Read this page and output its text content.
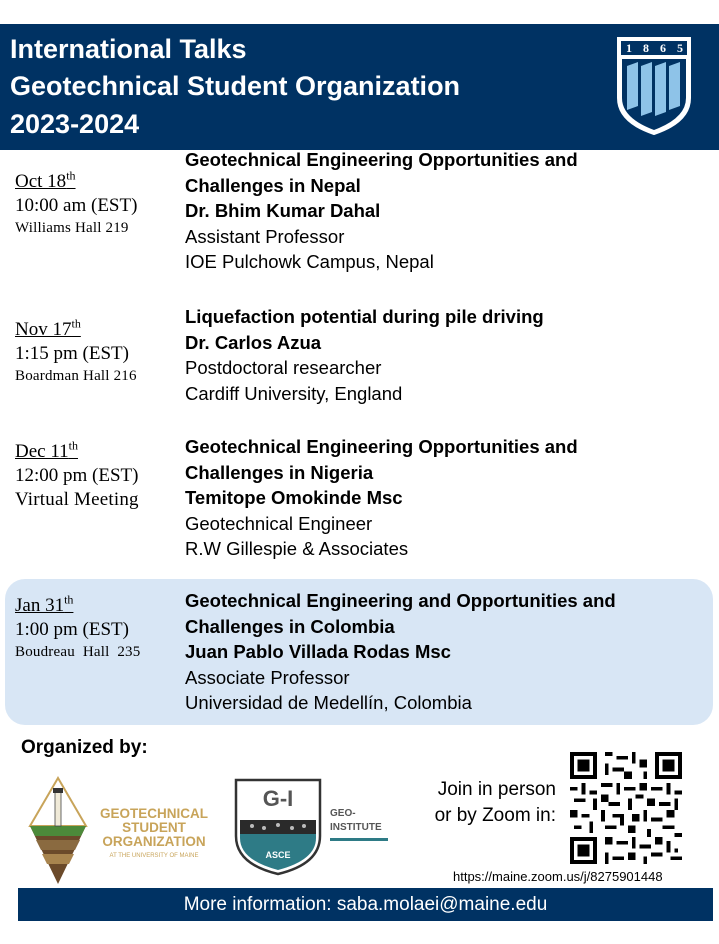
International Talks
Geotechnical Student Organization
2023-2024
1 8 6 5
Oct 18th
10:00 am (EST)
Williams Hall 219
Geotechnical Engineering Opportunities and
Challenges in Nepal
Dr. Bhim Kumar Dahal
Assistant Professor
IOE Pulchowk Campus, Nepal
Nov 17th
1:15 pm (EST)
Boardman Hall 216
Liquefaction potential during pile driving
Dr. Carlos Azua
Postdoctoral researcher
Cardiff University, England
Dec 11th
12:00 pm (EST)
Virtual Meeting
Geotechnical Engineering Opportunities and
Challenges in Nigeria
Temitope Omokinde Msc
Geotechnical Engineer
R.W Gillespie & Associates
Jan 31th
1:00 pm (EST)
Boudreau  Hall  235
Geotechnical Engineering and Opportunities and
Challenges in Colombia
Juan Pablo Villada Rodas Msc
Associate Professor
Universidad de Medellín, Colombia
Organized by:
GEOTECHNICAL
STUDENT
ORGANIZATION
AT THE UNIVERSITY OF MAINE
G-I
ASCE
GEO-
INSTITUTE
Join in person
or by Zoom in:
https://maine.zoom.us/j/8275901448
More information: saba.molaei@maine.edu
